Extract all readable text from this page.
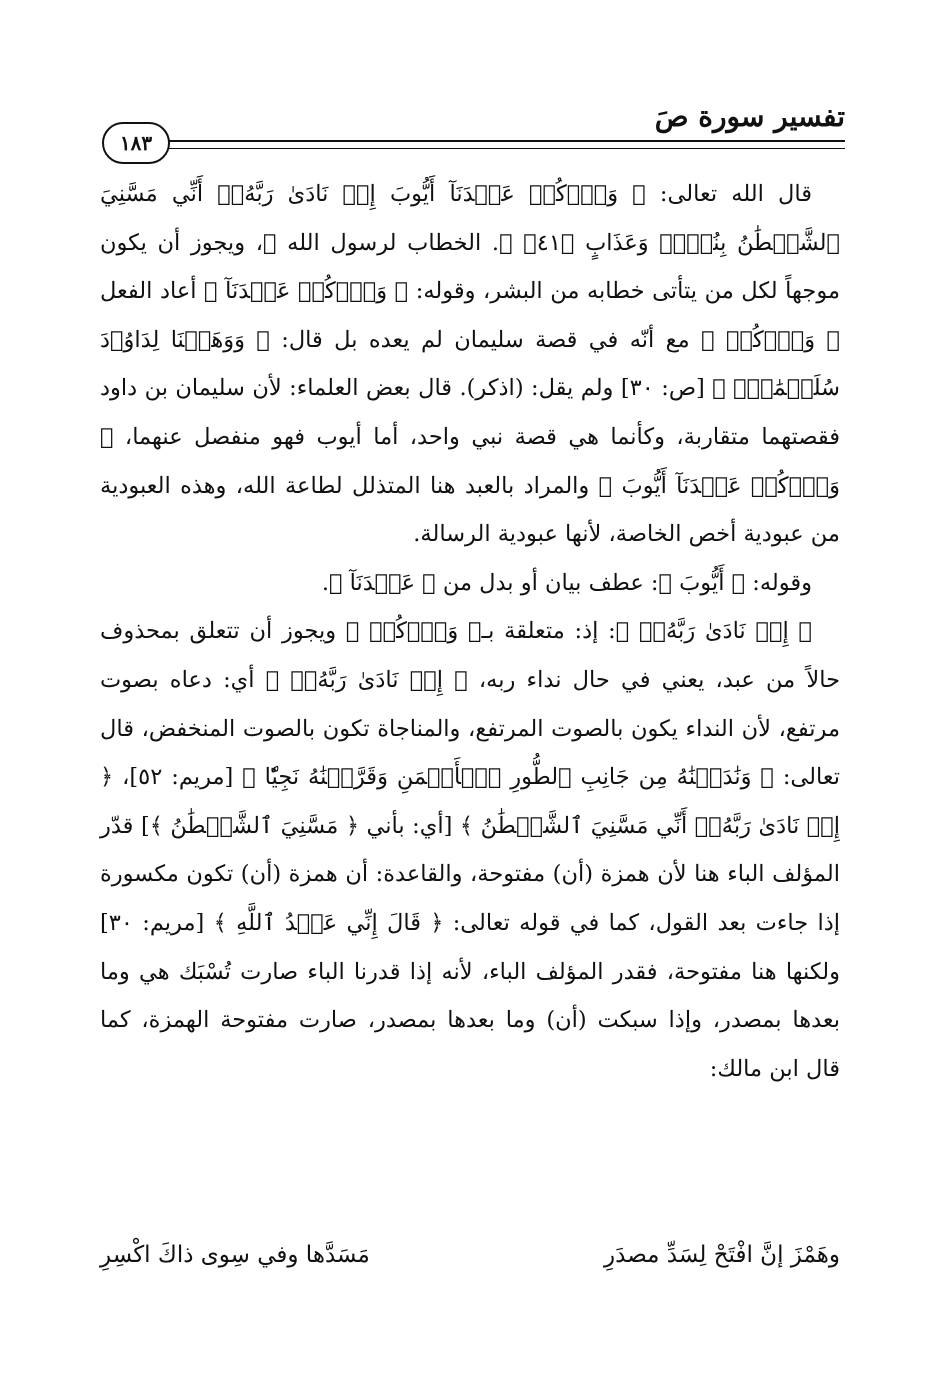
تفسير سورة صَ
١٨٣

قال الله تعالى: ﴿ وَٱذۡكُرۡ عَبۡدَنَآ أَيُّوبَ إِذۡ نَادَىٰ رَبَّهُۥٓ أَنِّي مَسَّنِيَ ٱلشَّيۡطَٰنُ بِنُصۡبٖ وَعَذَابٍ ﴿٤١﴾ ﴾. الخطاب لرسول الله ﷺ، ويجوز أن يكون موجهاً لكل من يتأتى خطابه من البشر، وقوله: ﴿ وَٱذۡكُرۡ عَبۡدَنَآ ﴾ أعاد الفعل ﴿ وَٱذۡكُرۡ ﴾ مع أنّه في قصة سليمان لم يعده بل قال: ﴿ وَوَهَبۡنَا لِدَاوُۥدَ سُلَيۡمَٰنَۚ ﴾ [ص: ٣٠] ولم يقل: (اذكر). قال بعض العلماء: لأن سليمان بن داود فقصتهما متقاربة، وكأنما هي قصة نبي واحد، أما أيوب فهو منفصل عنهما، ﴿ وَٱذۡكُرۡ عَبۡدَنَآ أَيُّوبَ ﴾ والمراد بالعبد هنا المتذلل لطاعة الله، وهذه العبودية من عبودية أخص الخاصة، لأنها عبودية الرسالة.

وقوله: ﴿ أَيُّوبَ ﴾: عطف بيان أو بدل من ﴿ عَبۡدَنَآ ﴾.

﴿ إِذۡ نَادَىٰ رَبَّهُۥٓ ﴾: إذ: متعلقة بـ﴿ وَٱذۡكُرۡ ﴾ ويجوز أن تتعلق بمحذوف حالاً من عبد، يعني في حال نداء ربه، ﴿ إِذۡ نَادَىٰ رَبَّهُۥٓ ﴾ أي: دعاه بصوت مرتفع، لأن النداء يكون بالصوت المرتفع، والمناجاة تكون بالصوت المنخفض، قال تعالى: ﴿ وَنَٰدَيۡنَٰهُ مِن جَانِبِ ٱلطُّورِ ٱلۡأَيۡمَنِ وَقَرَّبۡنَٰهُ نَجِيّٗا ﴾ [مريم: ٥٢]، ﴿ إِذۡ نَادَىٰ رَبَّهُۥٓ أَنِّي مَسَّنِيَ ٱلشَّيۡطَٰنُ ﴾ [أي: بأني ﴿ مَسَّنِيَ ٱلشَّيۡطَٰنُ ﴾] قدّر المؤلف الباء هنا لأن همزة (أن) مفتوحة، والقاعدة: أن همزة (أن) تكون مكسورة إذا جاءت بعد القول، كما في قوله تعالى: ﴿ قَالَ إِنِّي عَبۡدُ ٱللَّهِ ﴾ [مريم: ٣٠] ولكنها هنا مفتوحة، فقدر المؤلف الباء، لأنه إذا قدرنا الباء صارت تُسْبَك هي وما بعدها بمصدر، وإذا سبكت (أن) وما بعدها بمصدر، صارت مفتوحة الهمزة، كما قال ابن مالك:

وهَمْزَ إنَّ افْتَحْ لِسَدِّ مصدَرِ
مَسَدَّها وفي سِوى ذاكَ اكْسِرِ
